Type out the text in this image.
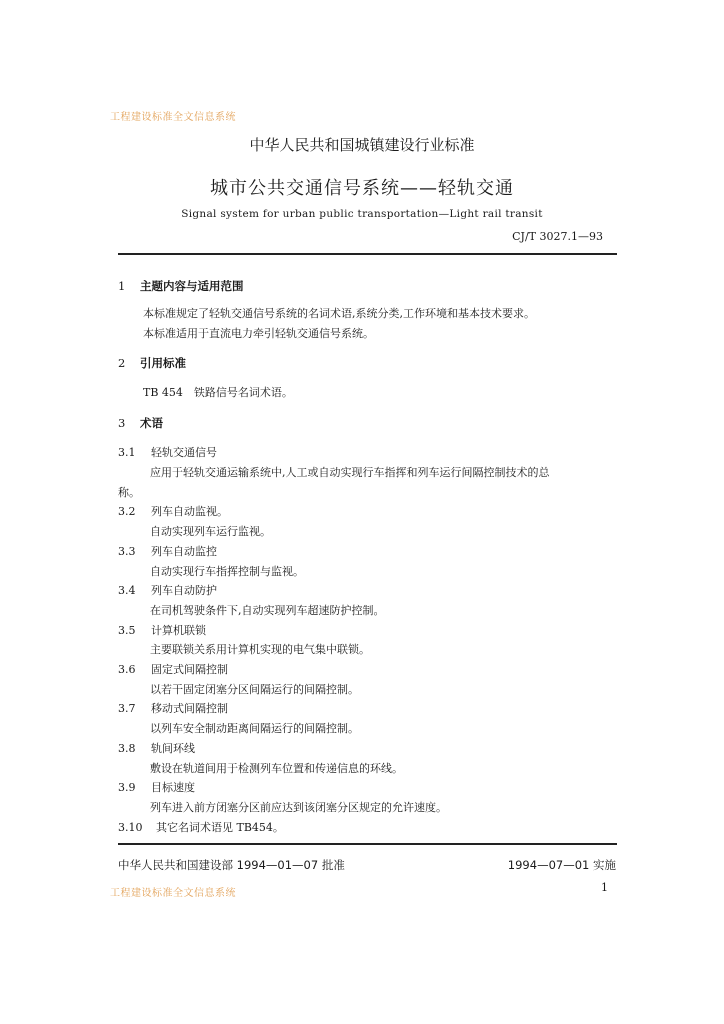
工程建设标准全文信息系统
中华人民共和国城镇建设行业标准
城市公共交通信号系统——轻轨交通
Signal system for urban public transportation—Light rail transit
CJ/T 3027.1—93
1 主题内容与适用范围
本标准规定了轻轨交通信号系统的名词术语,系统分类,工作环境和基本技术要求。
本标准适用于直流电力牵引轻轨交通信号系统。
2 引用标准
TB 454　铁路信号名词术语。
3 术语
3.1 轻轨交通信号
应用于轻轨交通运输系统中,人工或自动实现行车指挥和列车运行间隔控制技术的总
称。
3.2 列车自动监视。
自动实现列车运行监视。
3.3 列车自动监控
自动实现行车指挥控制与监视。
3.4 列车自动防护
在司机驾驶条件下,自动实现列车超速防护控制。
3.5 计算机联锁
主要联锁关系用计算机实现的电气集中联锁。
3.6 固定式间隔控制
以若干固定闭塞分区间隔运行的间隔控制。
3.7 移动式间隔控制
以列车安全制动距离间隔运行的间隔控制。
3.8 轨间环线
敷设在轨道间用于检测列车位置和传递信息的环线。
3.9 目标速度
列车进入前方闭塞分区前应达到该闭塞分区规定的允许速度。
3.10 其它名词术语见 TB454。
中华人民共和国建设部 1994—01—07 批准	1994—07—01 实施
1
工程建设标准全文信息系统
